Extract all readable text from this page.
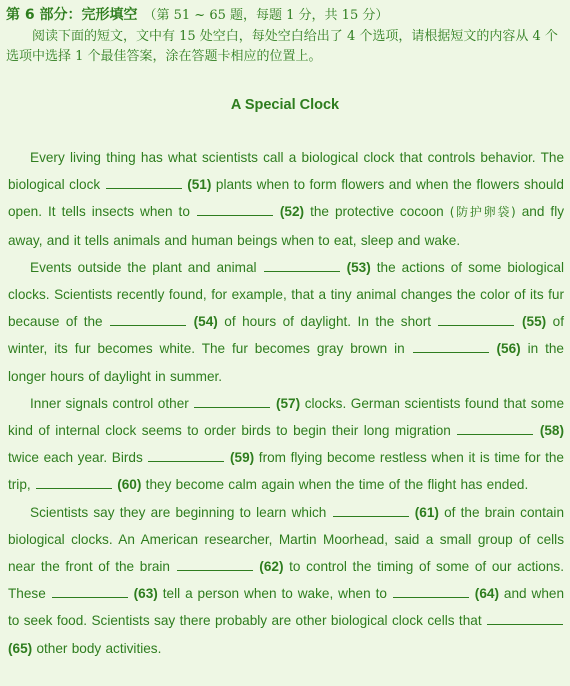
第 6 部分：完形填空 （第 51 ~ 65 题，每题 1 分，共 15 分）

阅读下面的短文，文中有 15 处空白，每处空白给出了 4 个选项，请根据短文的内容从 4 个选项中选择 1 个最佳答案，涂在答题卡相应的位置上。

A Special Clock

Every living thing has what scientists call a biological clock that controls behavior. The biological clock	(51) plants when to form flowers and when the flowers should open. It tells insects when to	(52) the protective cocoon (防护卵袋) and fly away, and it tells animals and human beings when to eat, sleep and wake.

Events outside the plant and animal	(53) the actions of some biological clocks. Scientists recently found, for example, that a tiny animal changes the color of its fur because of the	(54) of hours of daylight. In the short	(55) of winter, its fur becomes white. The fur becomes gray brown in	(56) in the longer hours of daylight in summer.

Inner signals control other	(57) clocks. German scientists found that some kind of internal clock seems to order birds to begin their long migration	(58) twice each year. Birds	(59) from flying become restless when it is time for the trip,	(60) they become calm again when the time of the flight has ended.

Scientists say they are beginning to learn which	(61) of the brain contain biological clocks. An American researcher, Martin Moorhead, said a small group of cells near the front of the brain	(62) to control the timing of some of our actions. These	(63) tell a person when to wake, when to	(64) and when to seek food. Scientists say there probably are other biological clock cells that  (65) other body activities.
